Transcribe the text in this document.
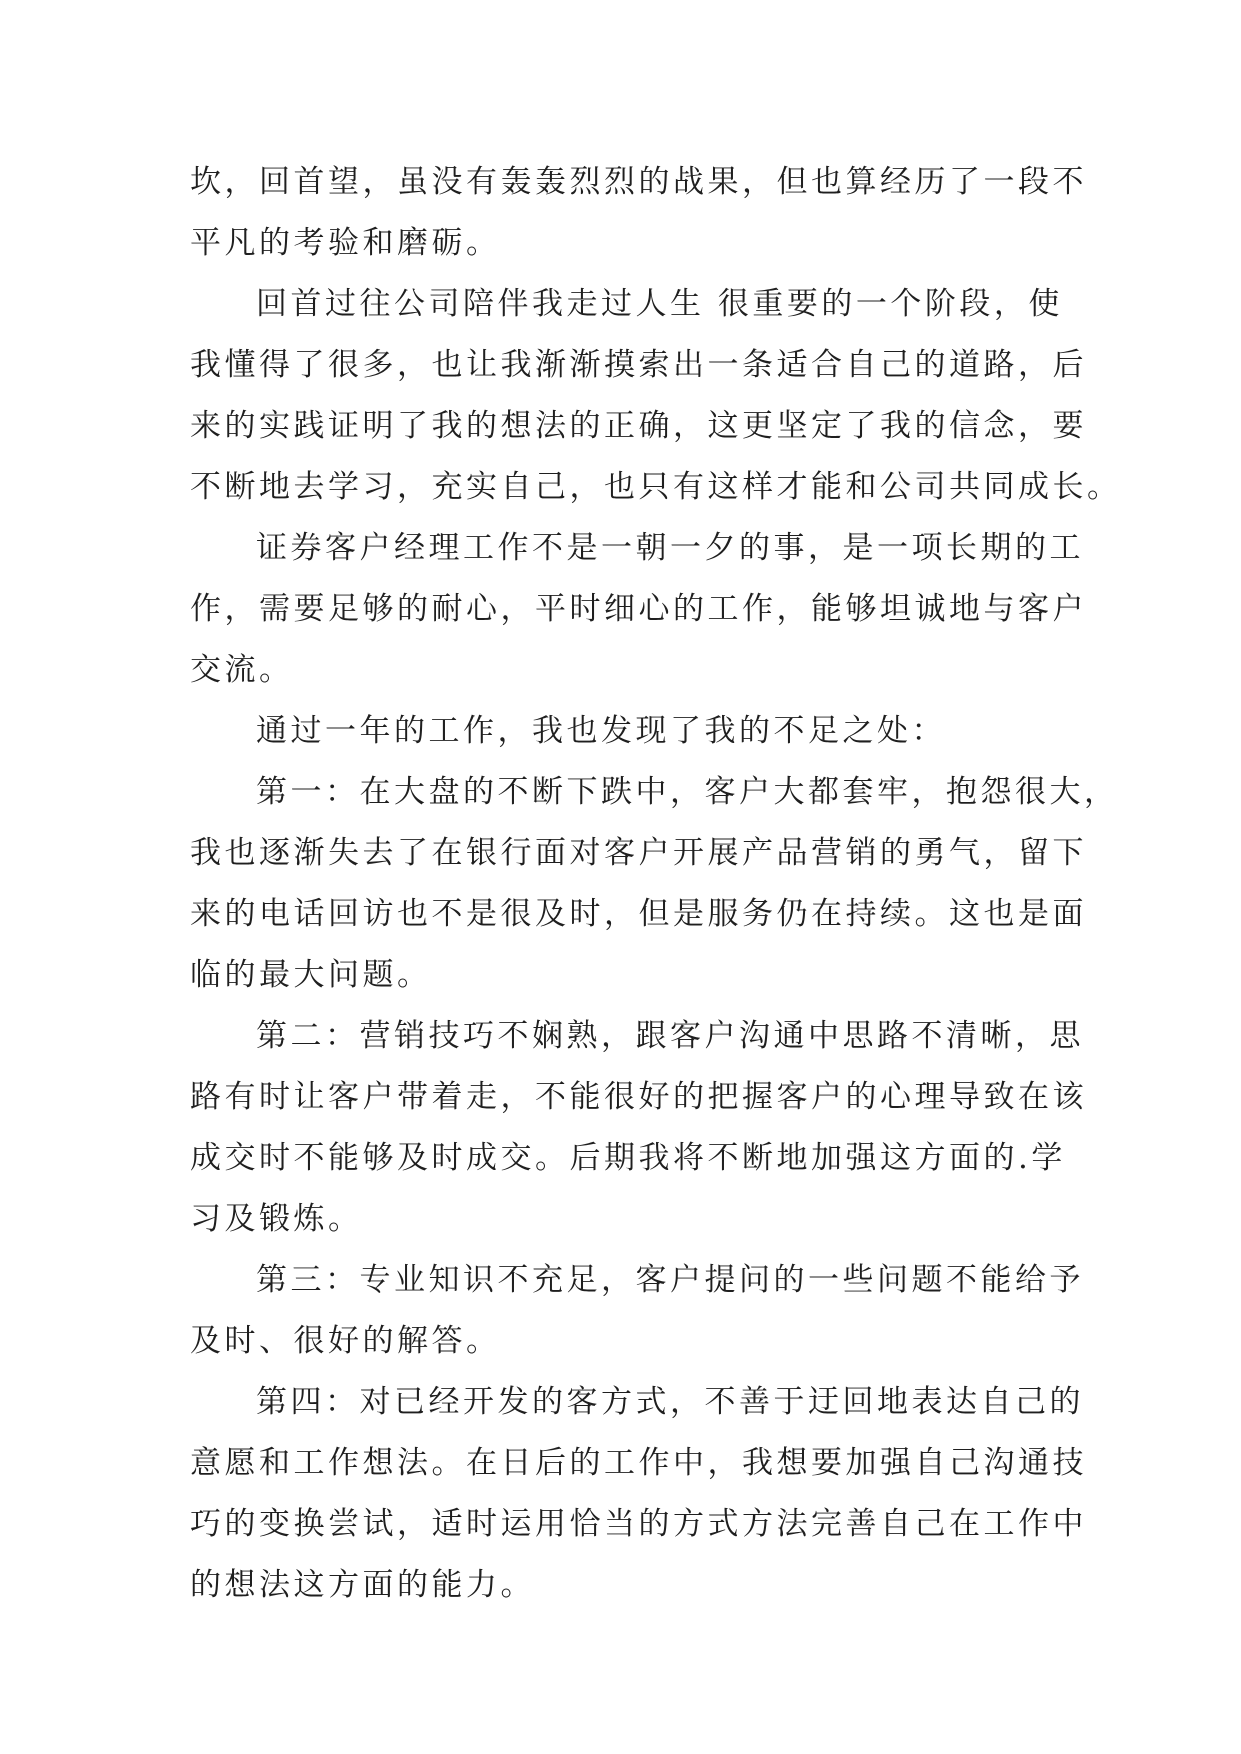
坎，回首望，虽没有轰轰烈烈的战果，但也算经历了一段不
平凡的考验和磨砺。
回首过往公司陪伴我走过人生 很重要的一个阶段，使
我懂得了很多，也让我渐渐摸索出一条适合自己的道路，后
来的实践证明了我的想法的正确，这更坚定了我的信念，要
不断地去学习，充实自己，也只有这样才能和公司共同成长。
证券客户经理工作不是一朝一夕的事，是一项长期的工
作，需要足够的耐心，平时细心的工作，能够坦诚地与客户
交流。
通过一年的工作，我也发现了我的不足之处：
第一：在大盘的不断下跌中，客户大都套牢，抱怨很大，
我也逐渐失去了在银行面对客户开展产品营销的勇气，留下
来的电话回访也不是很及时，但是服务仍在持续。这也是面
临的最大问题。
第二：营销技巧不娴熟，跟客户沟通中思路不清晰，思
路有时让客户带着走，不能很好的把握客户的心理导致在该
成交时不能够及时成交。后期我将不断地加强这方面的.学
习及锻炼。
第三：专业知识不充足，客户提问的一些问题不能给予
及时、很好的解答。
第四：对已经开发的客方式，不善于迂回地表达自己的
意愿和工作想法。在日后的工作中，我想要加强自己沟通技
巧的变换尝试，适时运用恰当的方式方法完善自己在工作中
的想法这方面的能力。
